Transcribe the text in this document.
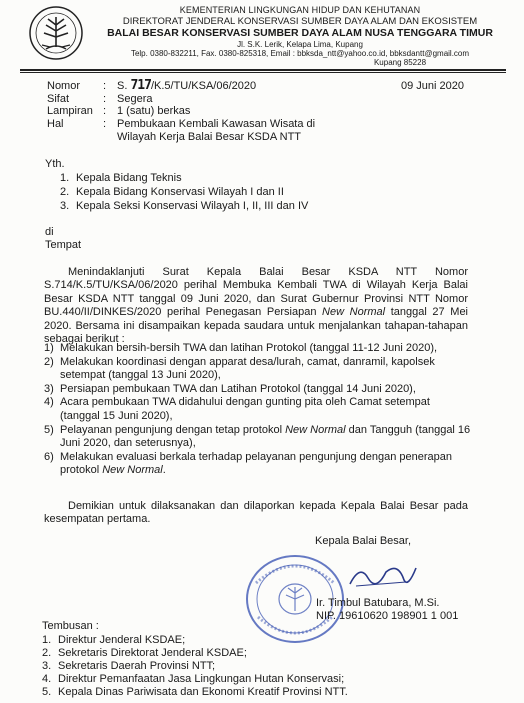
KEMENTERIAN LINGKUNGAN HIDUP DAN KEHUTANAN
DIREKTORAT JENDERAL KONSERVASI SUMBER DAYA ALAM DAN EKOSISTEM
BALAI BESAR KONSERVASI SUMBER DAYA ALAM NUSA TENGGARA TIMUR
Jl. S.K. Lerik, Kelapa Lima, Kupang
Telp. 0380-832211, Fax. 0380-825318, Email : bbksda_ntt@yahoo.co.id, bbksdantt@gmail.com
Kupang 85228
Nomor : S. 717/K.5/TU/KSA/06/2020	09 Juni 2020
Sifat	: Segera
Lampiran : 1 (satu) berkas
Hal	: Pembukaan Kembali Kawasan Wisata di
Wilayah Kerja Balai Besar KSDA NTT
Yth.
1. Kepala Bidang Teknis
2. Kepala Bidang Konservasi Wilayah I dan II
3. Kepala Seksi Konservasi Wilayah I, II, III dan IV
di
Tempat
Menindaklanjuti Surat Kepala Balai Besar KSDA NTT Nomor S.714/K.5/TU/KSA/06/2020 perihal Membuka Kembali TWA di Wilayah Kerja Balai Besar KSDA NTT tanggal 09 Juni 2020, dan Surat Gubernur Provinsi NTT Nomor BU.440/II/DINKES/2020 perihal Penegasan Persiapan New Normal tanggal 27 Mei 2020. Bersama ini disampaikan kepada saudara untuk menjalankan tahapan-tahapan sebagai berikut :
1) Melakukan bersih-bersih TWA dan latihan Protokol (tanggal 11-12 Juni 2020),
2) Melakukan koordinasi dengan apparat desa/lurah, camat, danramil, kapolsek setempat (tanggal 13 Juni 2020),
3) Persiapan pembukaan TWA dan Latihan Protokol (tanggal 14 Juni 2020),
4) Acara pembukaan TWA didahului dengan gunting pita oleh Camat setempat (tanggal 15 Juni 2020),
5) Pelayanan pengunjung dengan tetap protokol New Normal dan Tangguh (tanggal 16 Juni 2020, dan seterusnya),
6) Melakukan evaluasi berkala terhadap pelayanan pengunjung dengan penerapan protokol New Normal.
Demikian untuk dilaksanakan dan dilaporkan kepada Kepala Balai Besar pada kesempatan pertama.
Kepala Balai Besar,
Ir. Timbul Batubara, M.Si.
NIP. 19610620 198901 1 001
Tembusan :
1. Direktur Jenderal KSDAE;
2. Sekretaris Direktorat Jenderal KSDAE;
3. Sekretaris Daerah Provinsi NTT;
4. Direktur Pemanfaatan Jasa Lingkungan Hutan Konservasi;
5. Kepala Dinas Pariwisata dan Ekonomi Kreatif Provinsi NTT.
